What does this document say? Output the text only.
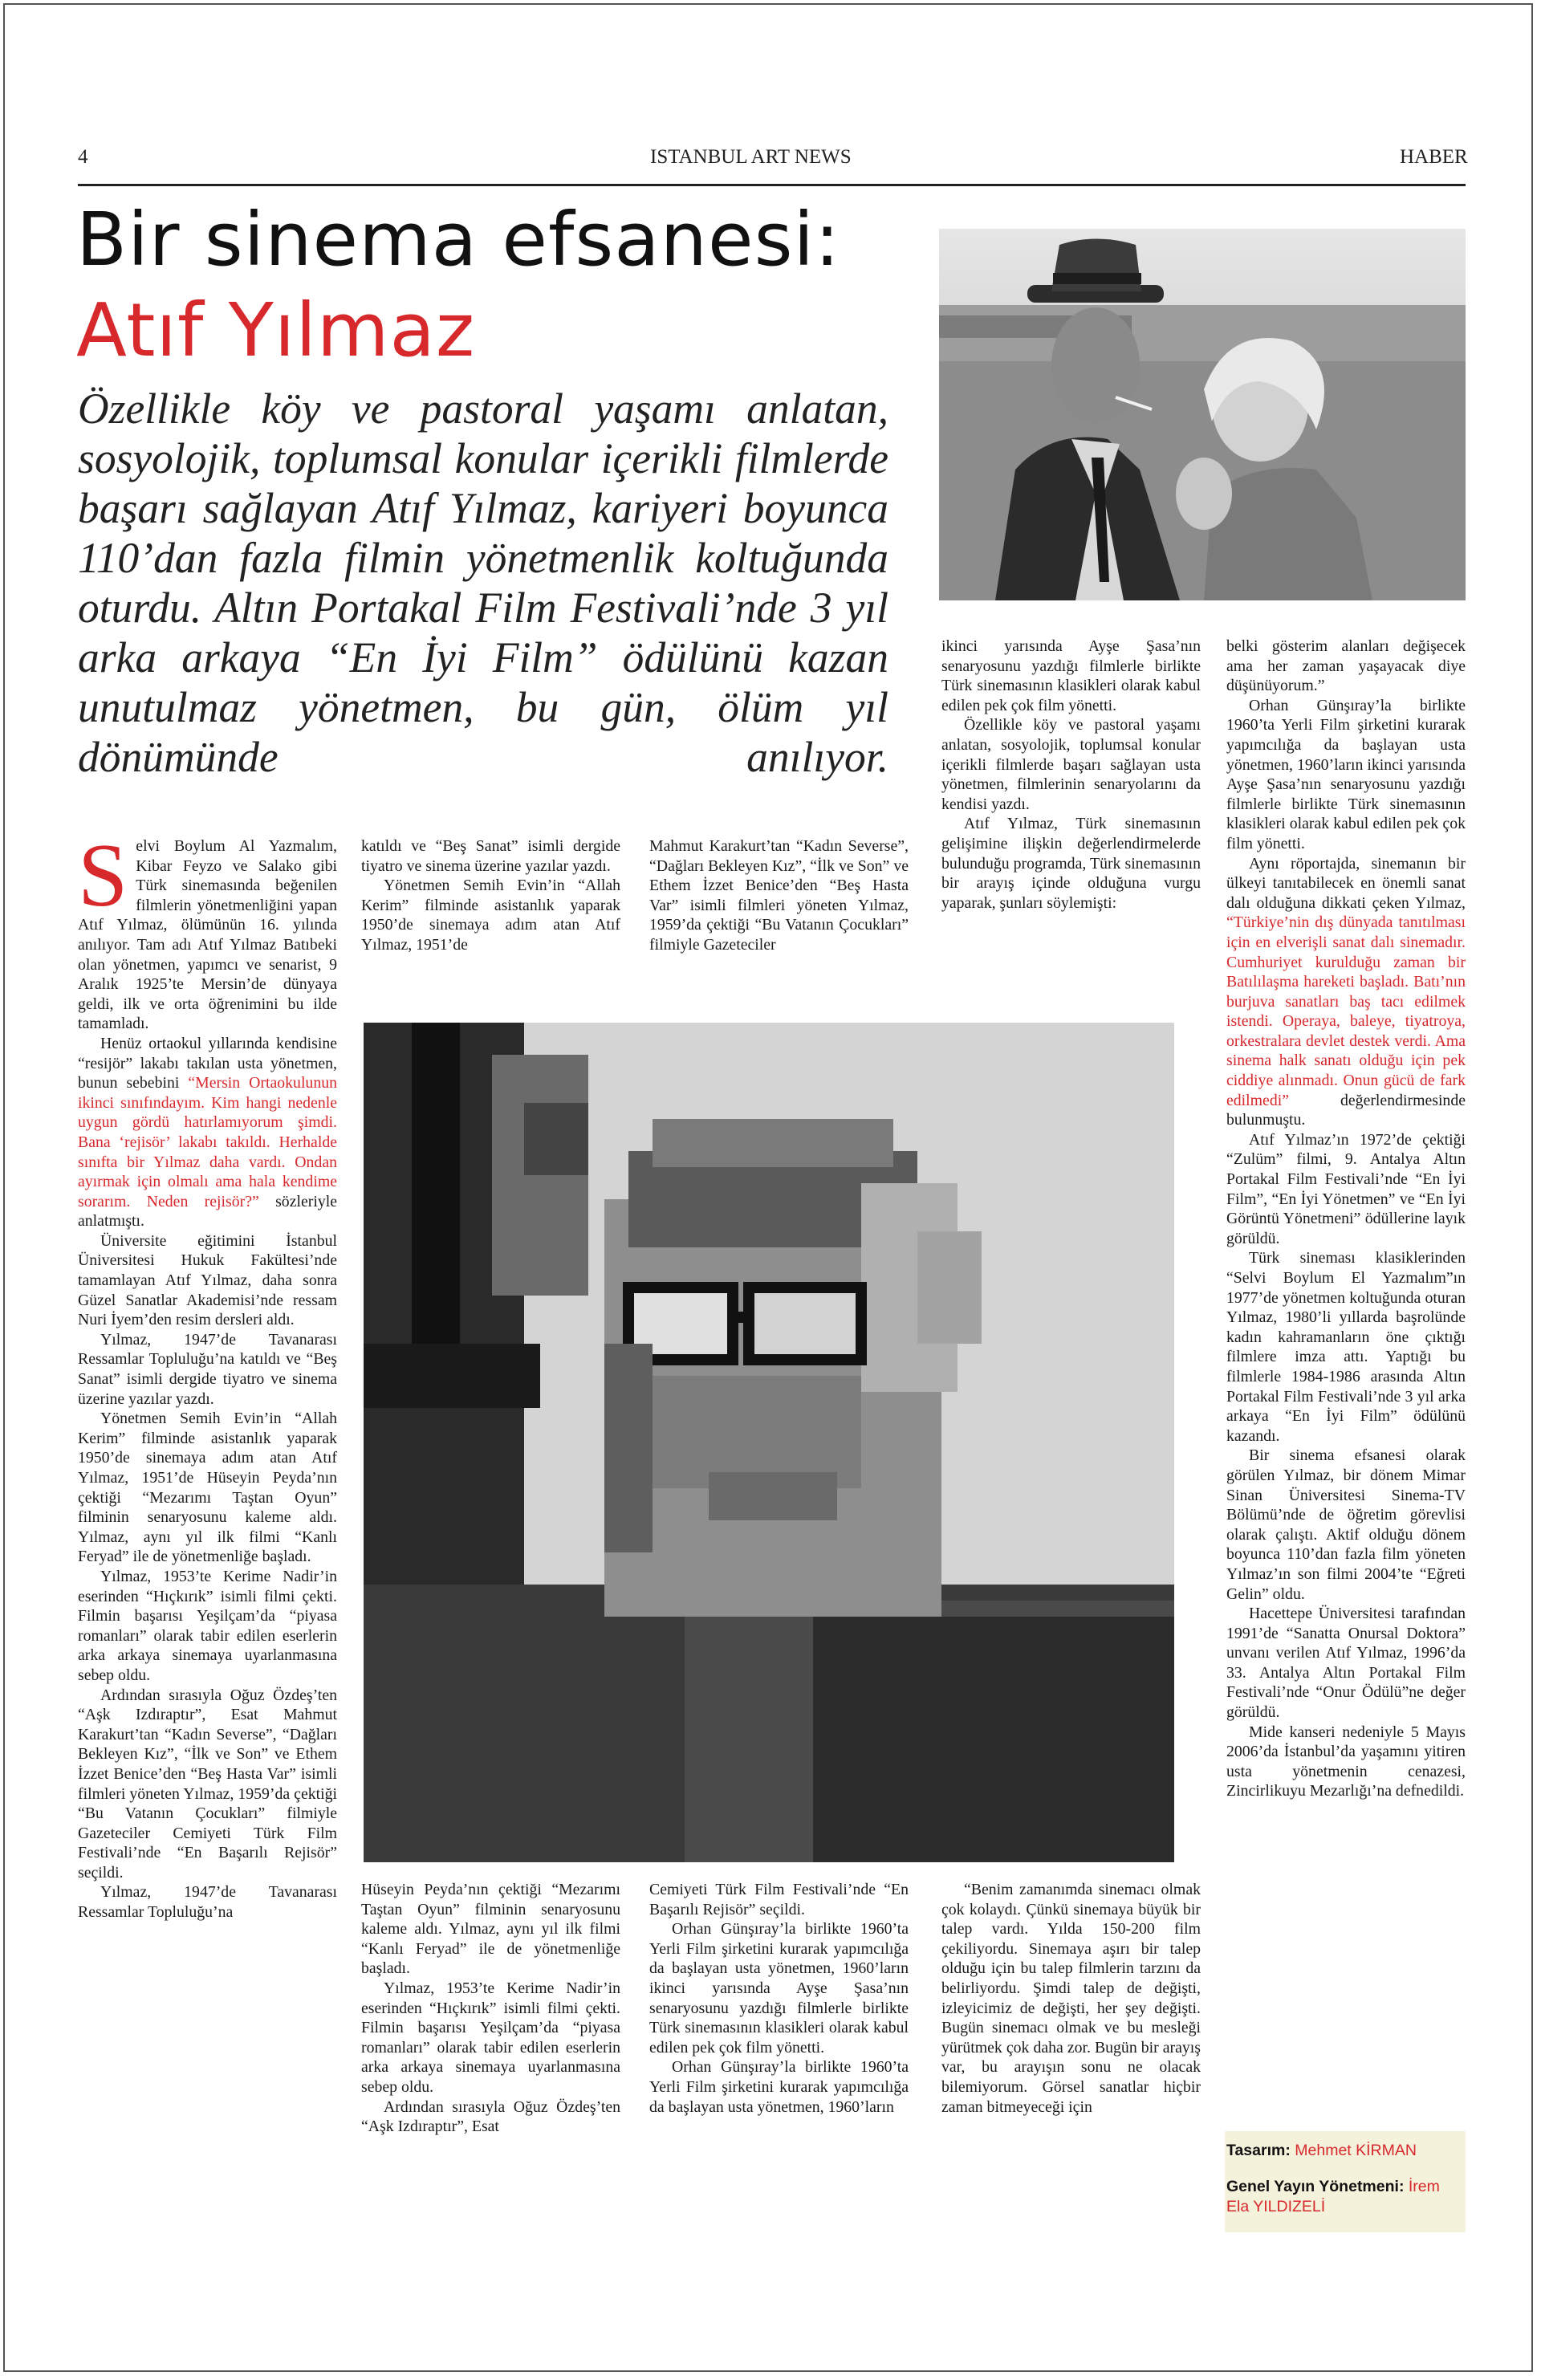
4	ISTANBUL ART NEWS	HABER
Bir sinema efsanesi:
Atıf Yılmaz
Özellikle köy ve pastoral yaşamı anlatan, sosyolojik, toplumsal konular içerikli filmlerde başarı sağlayan Atıf Yılmaz, kariyeri boyunca 110’dan fazla filmin yönetmenlik koltuğunda oturdu. Altın Portakal Film Festivali’nde 3 yıl arka arkaya “En İyi Film” ödülünü kazan unutulmaz yönetmen, bu gün, ölüm yıl dönümünde anılıyor.

Selvi Boylum Al Yazmalım, Kibar Feyzo ve Salako gibi Türk sinemasında beğenilen filmlerin yönetmenliğini yapan Atıf Yılmaz, ölümünün 16. yılında anılıyor. Tam adı Atıf Yılmaz Batıbeki olan yönetmen, yapımcı ve senarist, 9 Aralık 1925’te Mersin’de dünyaya geldi, ilk ve orta öğrenimini bu ilde tamamladı.

Henüz ortaokul yıllarında kendisine “resijör” lakabı takılan usta yönetmen, bunun sebebini “Mersin Ortaokulunun ikinci sınıfındayım. Kim hangi nedenle uygun gördü hatırlamıyorum şimdi. Bana ‘rejisör’ lakabı takıldı. Herhalde sınıfta bir Yılmaz daha vardı. Ondan ayırmak için olmalı ama hala kendime sorarım. Neden rejisör?” sözleriyle anlatmıştı.

Üniversite eğitimini İstanbul Üniversitesi Hukuk Fakültesi’nde tamamlayan Atıf Yılmaz, daha sonra Güzel Sanatlar Akademisi’nde ressam Nuri İyem’den resim dersleri aldı.

Yılmaz, 1947’de Tavanarası Ressamlar Topluluğu’na katıldı ve “Beş Sanat” isimli dergide tiyatro ve sinema üzerine yazılar yazdı.

Yönetmen Semih Evin’in “Allah Kerim” filminde asistanlık yaparak 1950’de sinemaya adım atan Atıf Yılmaz, 1951’de Hüseyin Peyda’nın çektiği “Mezarımı Taştan Oyun” filminin senaryosunu kaleme aldı. Yılmaz, aynı yıl ilk filmi “Kanlı Feryad” ile de yönetmenliğe başladı.

Yılmaz, 1953’te Kerime Nadir’in eserinden “Hıçkırık” isimli filmi çekti. Filmin başarısı Yeşilçam’da “piyasa romanları” olarak tabir edilen eserlerin arka arkaya sinemaya uyarlanmasına sebep oldu.

Ardından sırasıyla Oğuz Özdeş’ten “Aşk Izdıraptır”, Esat Mahmut Karakurt’tan “Kadın Severse”, “Dağları Bekleyen Kız”, “İlk ve Son” ve Ethem İzzet Benice’den “Beş Hasta Var” isimli filmleri yöneten Yılmaz, 1959’da çektiği “Bu Vatanın Çocukları” filmiyle Gazeteciler Cemiyeti Türk Film Festivali’nde “En Başarılı Rejisör” seçildi.

Yılmaz, 1947’de Tavanarası Ressamlar Topluluğu’na

katıldı ve “Beş Sanat” isimli dergide tiyatro ve sinema üzerine yazılar yazdı.

Yönetmen Semih Evin’in “Allah Kerim” filminde asistanlık yaparak 1950’de sinemaya adım atan Atıf Yılmaz, 1951’de

Mahmut Karakurt’tan “Kadın Severse”, “Dağları Bekleyen Kız”, “İlk ve Son” ve Ethem İzzet Benice’den “Beş Hasta Var” isimli filmleri yöneten Yılmaz, 1959’da çektiği “Bu Vatanın Çocukları” filmiyle Gazeteciler

ikinci yarısında Ayşe Şasa’nın senaryosunu yazdığı filmlerle birlikte Türk sinemasının klasikleri olarak kabul edilen pek çok film yönetti.

Özellikle köy ve pastoral yaşamı anlatan, sosyolojik, toplumsal konular içerikli filmlerde başarı sağlayan usta yönetmen, filmlerinin senaryolarını da kendisi yazdı.

Atıf Yılmaz, Türk sinemasının gelişimine ilişkin değerlendirmelerde bulunduğu programda, Türk sinemasının bir arayış içinde olduğuna vurgu yaparak, şunları söylemişti:

belki gösterim alanları değişecek ama her zaman yaşayacak diye düşünüyorum.”

Orhan Günşıray’la birlikte 1960’ta Yerli Film şirketini kurarak yapımcılığa da başlayan usta yönetmen, 1960’ların ikinci yarısında Ayşe Şasa’nın senaryosunu yazdığı filmlerle birlikte Türk sinemasının klasikleri olarak kabul edilen pek çok film yönetti.

Aynı röportajda, sinemanın bir ülkeyi tanıtabilecek en önemli sanat dalı olduğuna dikkati çeken Yılmaz, “Türkiye’nin dış dünyada tanıtılması için en elverişli sanat dalı sinemadır. Cumhuriyet kurulduğu zaman bir Batılılaşma hareketi başladı. Batı’nın burjuva sanatları baş tacı edilmek istendi. Operaya, baleye, tiyatroya, orkestralara devlet destek verdi. Ama sinema halk sanatı olduğu için pek ciddiye alınmadı. Onun gücü de fark edilmedi” değerlendirmesinde bulunmuştu.

Atıf Yılmaz’ın 1972’de çektiği “Zulüm” filmi, 9. Antalya Altın Portakal Film Festivali’nde “En İyi Film”, “En İyi Yönetmen” ve “En İyi Görüntü Yönetmeni” ödüllerine layık görüldü.

Türk sineması klasiklerinden “Selvi Boylum El Yazmalım”ın 1977’de yönetmen koltuğunda oturan Yılmaz, 1980’li yıllarda başrolünde kadın kahramanların öne çıktığı filmlere imza attı. Yaptığı bu filmlerle 1984-1986 arasında Altın Portakal Film Festivali’nde 3 yıl arka arkaya “En İyi Film” ödülünü kazandı.

Bir sinema efsanesi olarak görülen Yılmaz, bir dönem Mimar Sinan Üniversitesi Sinema-TV Bölümü’nde de öğretim görevlisi olarak çalıştı. Aktif olduğu dönem boyunca 110’dan fazla film yöneten Yılmaz’ın son filmi 2004’te “Eğreti Gelin” oldu.

Hacettepe Üniversitesi tarafından 1991’de “Sanatta Onursal Doktora” unvanı verilen Atıf Yılmaz, 1996’da 33. Antalya Altın Portakal Film Festivali’nde “Onur Ödülü”ne değer görüldü.

Mide kanseri nedeniyle 5 Mayıs 2006’da İstanbul’da yaşamını yitiren usta yönetmenin cenazesi, Zincirlikuyu Mezarlığı’na defnedildi.

Hüseyin Peyda’nın çektiği “Mezarımı Taştan Oyun” filminin senaryosunu kaleme aldı. Yılmaz, aynı yıl ilk filmi “Kanlı Feryad” ile de yönetmenliğe başladı.

Yılmaz, 1953’te Kerime Nadir’in eserinden “Hıçkırık” isimli filmi çekti. Filmin başarısı Yeşilçam’da “piyasa romanları” olarak tabir edilen eserlerin arka arkaya sinemaya uyarlanmasına sebep oldu.

Ardından sırasıyla Oğuz Özdeş’ten “Aşk Izdıraptır”, Esat

Cemiyeti Türk Film Festivali’nde “En Başarılı Rejisör” seçildi.

Orhan Günşıray’la birlikte 1960’ta Yerli Film şirketini kurarak yapımcılığa da başlayan usta yönetmen, 1960’ların ikinci yarısında Ayşe Şasa’nın senaryosunu yazdığı filmlerle birlikte Türk sinemasının klasikleri olarak kabul edilen pek çok film yönetti.

Orhan Günşıray’la birlikte 1960’ta Yerli Film şirketini kurarak yapımcılığa da başlayan usta yönetmen, 1960’ların

“Benim zamanımda sinemacı olmak çok kolaydı. Çünkü sinemaya büyük bir talep vardı. Yılda 150-200 film çekiliyordu. Sinemaya aşırı bir talep olduğu için bu talep filmlerin tarzını da belirliyordu. Şimdi talep de değişti, izleyicimiz de değişti, her şey değişti. Bugün sinemacı olmak ve bu mesleği yürütmek çok daha zor. Bugün bir arayış var, bu arayışın sonu ne olacak bilemiyorum. Görsel sanatlar hiçbir zaman bitmeyeceği için

Tasarım: Mehmet KİRMAN
Genel Yayın Yönetmeni: İrem Ela YILDIZELİ
